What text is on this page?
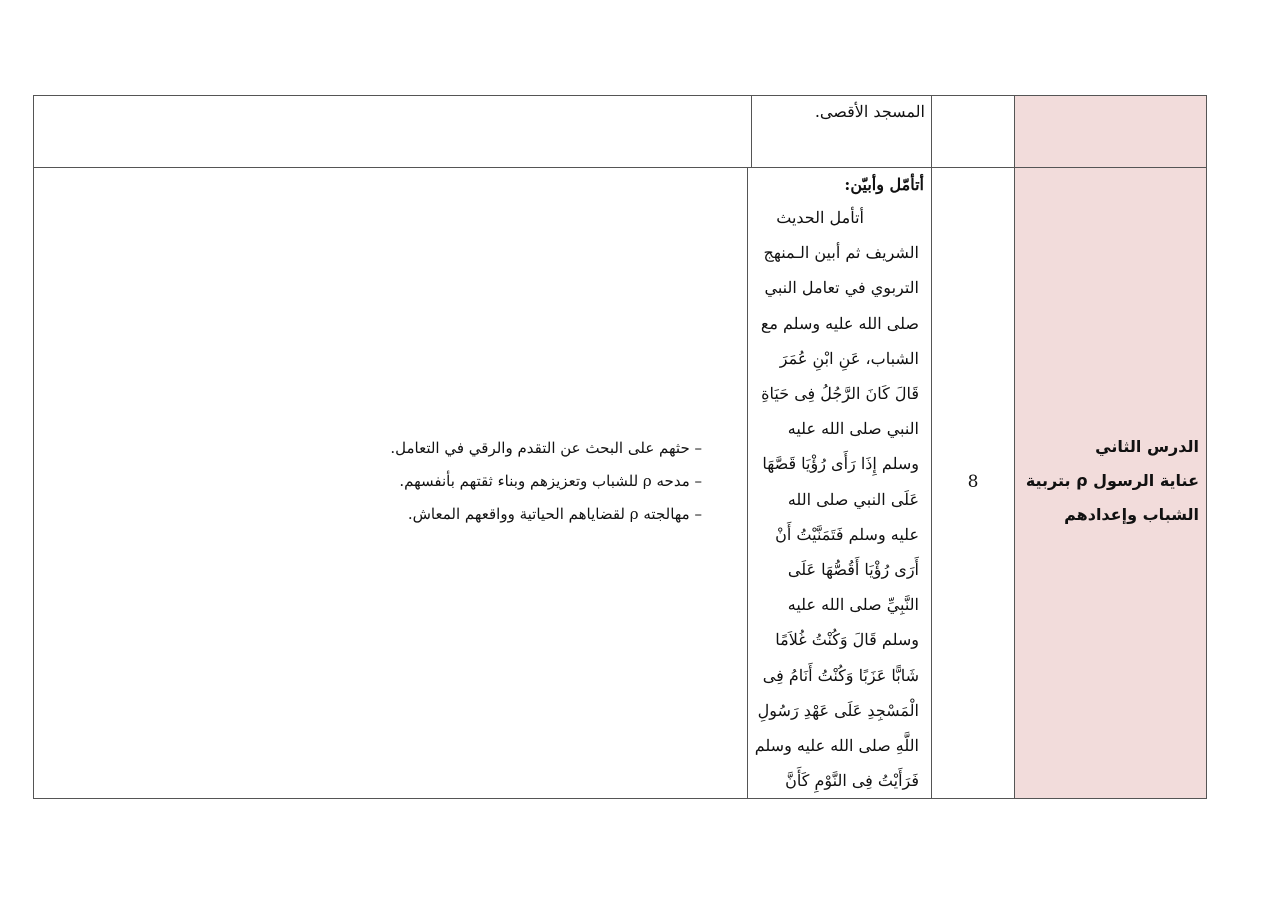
المسجد الأقصى.
الدرس الثاني
عناية الرسول ρ بتربية
الشباب وإعدادهم
8

أتأمّل وأبيّن:

أتأمل الحديث
الشريف ثم أبين الـمنهج
التربوي في تعامل النبي
صلى الله عليه وسلم مع
الشباب، عَنِ ابْنِ عُمَرَ
قَالَ كَانَ الرَّجُلُ فِى حَيَاةِ
النبي صلى الله عليه
وسلم إِذَا رَأَى رُؤْيَا قَصَّهَا
عَلَى النبي صلى الله
عليه وسلم فَتَمَنَّيْتُ أَنْ
أَرَى رُؤْيَا أَقُصُّهَا عَلَى
النَّبِيِّ صلى الله عليه
وسلم قَالَ وَكُنْتُ غُلاَمًا
شَابًّا عَزَبًا وَكُنْتُ أَنَامُ فِى
الْمَسْجِدِ عَلَى عَهْدِ رَسُولِ
اللَّهِ صلى الله عليه وسلم
فَرَأَيْتُ فِى النَّوْمِ كَأَنَّ
– حثهم على البحث عن التقدم والرقي في التعامل.
– مدحه ρ للشباب وتعزيزهم وبناء ثقتهم بأنفسهم.
– مهالجته ρ لقضاياهم الحياتية وواقعهم المعاش.
